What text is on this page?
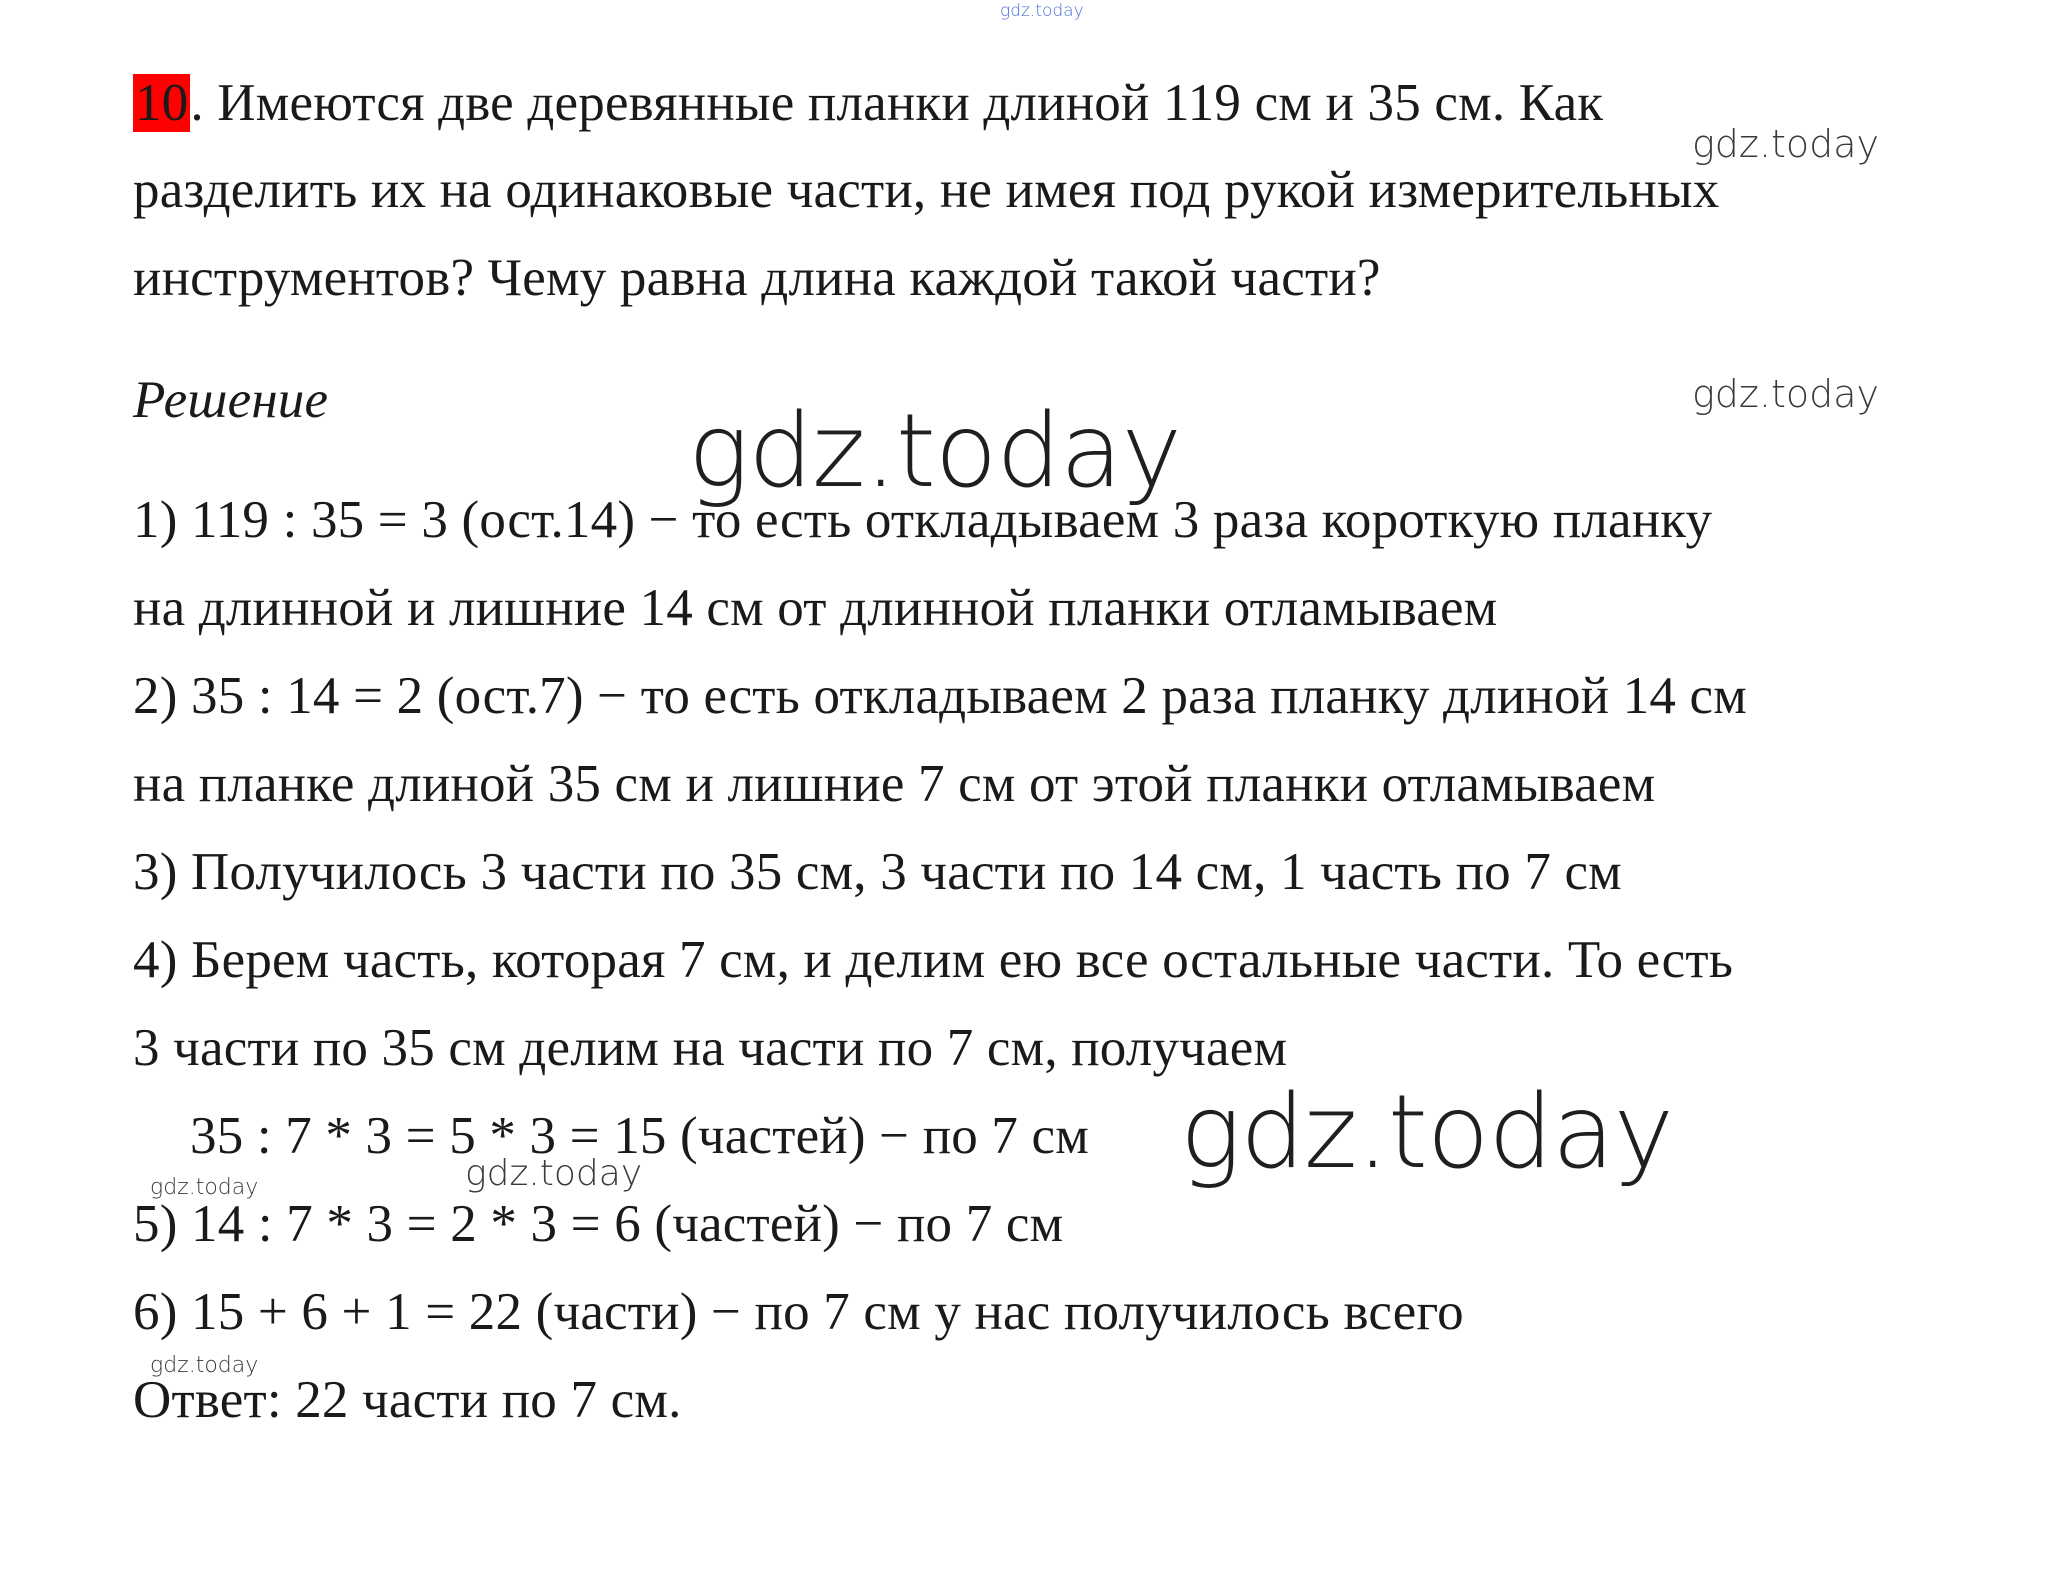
gdz.today
10. Имеются две деревянные планки длиной 119 см и 35 см. Как
gdz.today
разделить их на одинаковые части, не имея под рукой измерительных
инструментов? Чему равна длина каждой такой части?
Решение	gdz.today
gdz.today
1) 119 : 35 = 3 (ост.14) − то есть откладываем 3 раза короткую планку
на длинной и лишние 14 см от длинной планки отламываем
2) 35 : 14 = 2 (ост.7) − то есть откладываем 2 раза планку длиной 14 см
на планке длиной 35 см и лишние 7 см от этой планки отламываем
3) Получилось 3 части по 35 см, 3 части по 14 см, 1 часть по 7 см
4) Берем часть, которая 7 см, и делим ею все остальные части. То есть
3 части по 35 см делим на части по 7 см, получаем
35 : 7 * 3 = 5 * 3 = 15 (частей) − по 7 см gdz.today
gdz.today
gdz.today
5) 14 : 7 * 3 = 2 * 3 = 6 (частей) − по 7 см
6) 15 + 6 + 1 = 22 (части) − по 7 см у нас получилось всего
gdz.today
Ответ: 22 части по 7 см.
